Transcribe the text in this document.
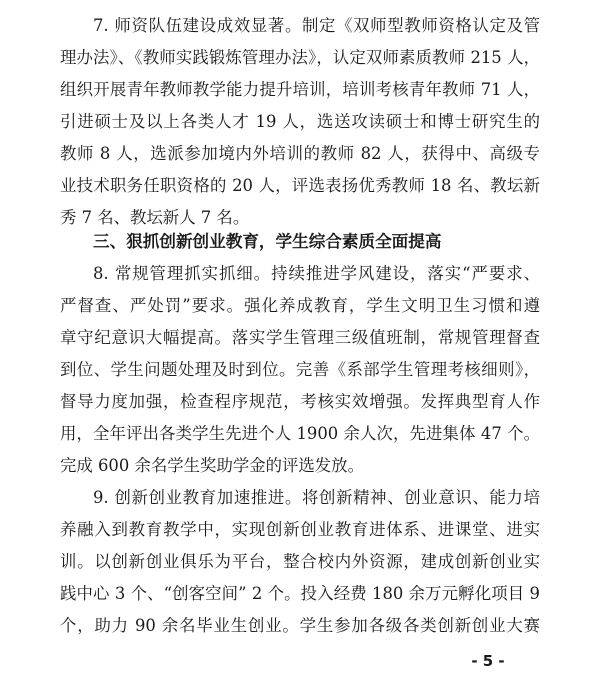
7. 师资队伍建设成效显著。制定《双师型教师资格认定及管
理办法》、《教师实践锻炼管理办法》，认定双师素质教师 215 人，
组织开展青年教师教学能力提升培训，培训考核青年教师 71 人，
引进硕士及以上各类人才 19 人，选送攻读硕士和博士研究生的
教师 8 人，选派参加境内外培训的教师 82 人，获得中、高级专
业技术职务任职资格的 20 人，评选表扬优秀教师 18 名、教坛新
秀 7 名、教坛新人 7 名。
三、狠抓创新创业教育，学生综合素质全面提高
8. 常规管理抓实抓细。持续推进学风建设，落实“严要求、
严督查、严处罚”要求。强化养成教育，学生文明卫生习惯和遵
章守纪意识大幅提高。落实学生管理三级值班制，常规管理督查
到位、学生问题处理及时到位。完善《系部学生管理考核细则》，
督导力度加强，检查程序规范，考核实效增强。发挥典型育人作
用，全年评出各类学生先进个人 1900 余人次，先进集体 47 个。
完成 600 余名学生奖助学金的评选发放。
9. 创新创业教育加速推进。将创新精神、创业意识、能力培
养融入到教育教学中，实现创新创业教育进体系、进课堂、进实
训。以创新创业俱乐为平台，整合校内外资源，建成创新创业实
践中心 3 个、“创客空间” 2 个。投入经费 180 余万元孵化项目 9
个，助力 90 余名毕业生创业。学生参加各级各类创新创业大赛
- 5 -
